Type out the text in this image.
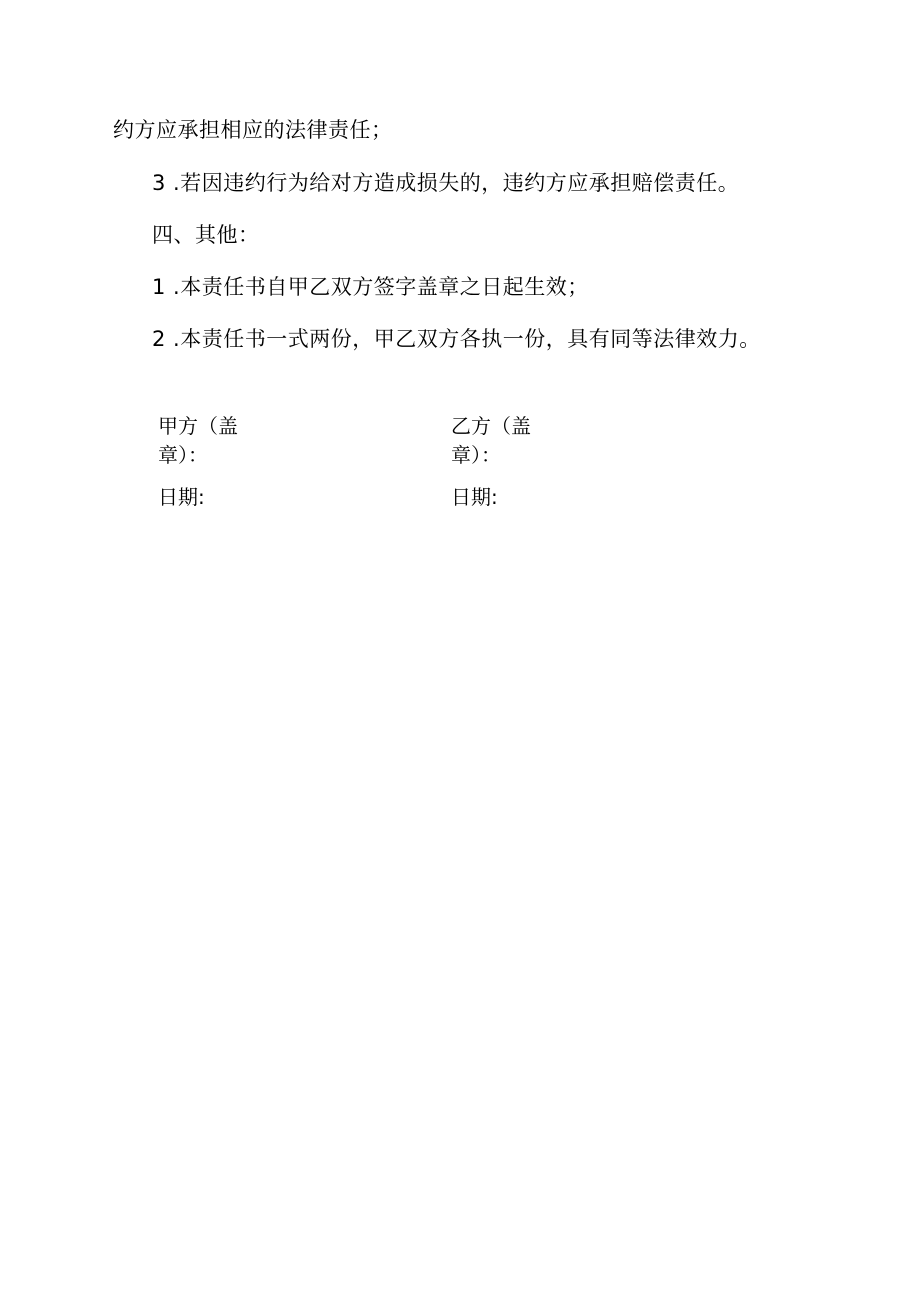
约方应承担相应的法律责任；
3 .若因违约行为给对方造成损失的，违约方应承担赔偿责任。
四、其他：
1 .本责任书自甲乙双方签字盖章之日起生效；
2 .本责任书一式两份，甲乙双方各执一份，具有同等法律效力。
甲方（盖
章）：
乙方（盖
章）：
日期:	日期:
